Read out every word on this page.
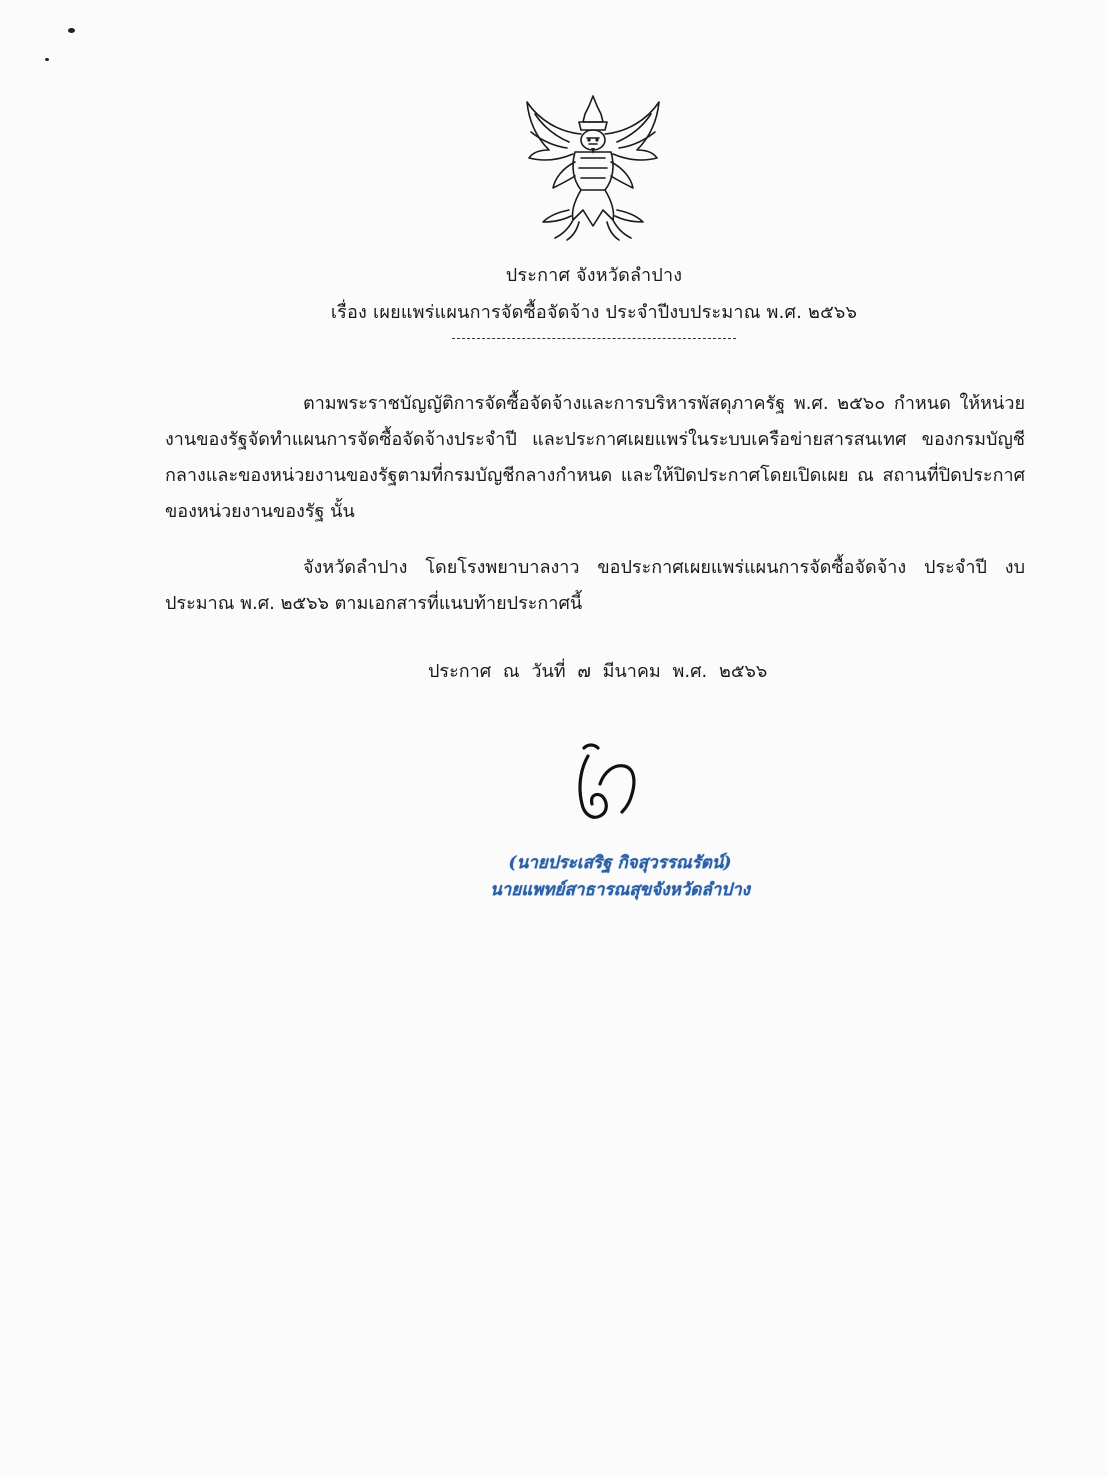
ประกาศ จังหวัดลำปาง
เรื่อง เผยแพร่แผนการจัดซื้อจัดจ้าง ประจำปีงบประมาณ พ.ศ. ๒๕๖๖
ตามพระราชบัญญัติการจัดซื้อจัดจ้างและการบริหารพัสดุภาครัฐ พ.ศ. ๒๕๖๐ กำหนด ให้หน่วยงานของรัฐจัดทำแผนการจัดซื้อจัดจ้างประจำปี และประกาศเผยแพร่ในระบบเครือข่ายสารสนเทศ ของกรมบัญชีกลางและของหน่วยงานของรัฐตามที่กรมบัญชีกลางกำหนด และให้ปิดประกาศโดยเปิดเผย ณ สถานที่ปิดประกาศของหน่วยงานของรัฐ นั้น
จังหวัดลำปาง โดยโรงพยาบาลงาว ขอประกาศเผยแพร่แผนการจัดซื้อจัดจ้าง ประจำปี งบประมาณ พ.ศ. ๒๕๖๖ ตามเอกสารที่แนบท้ายประกาศนี้
ประกาศ ณ วันที่ ๗ มีนาคม พ.ศ. ๒๕๖๖
(นายประเสริฐ กิจสุวรรณรัตน์)
นายแพทย์สาธารณสุขจังหวัดลำปาง
